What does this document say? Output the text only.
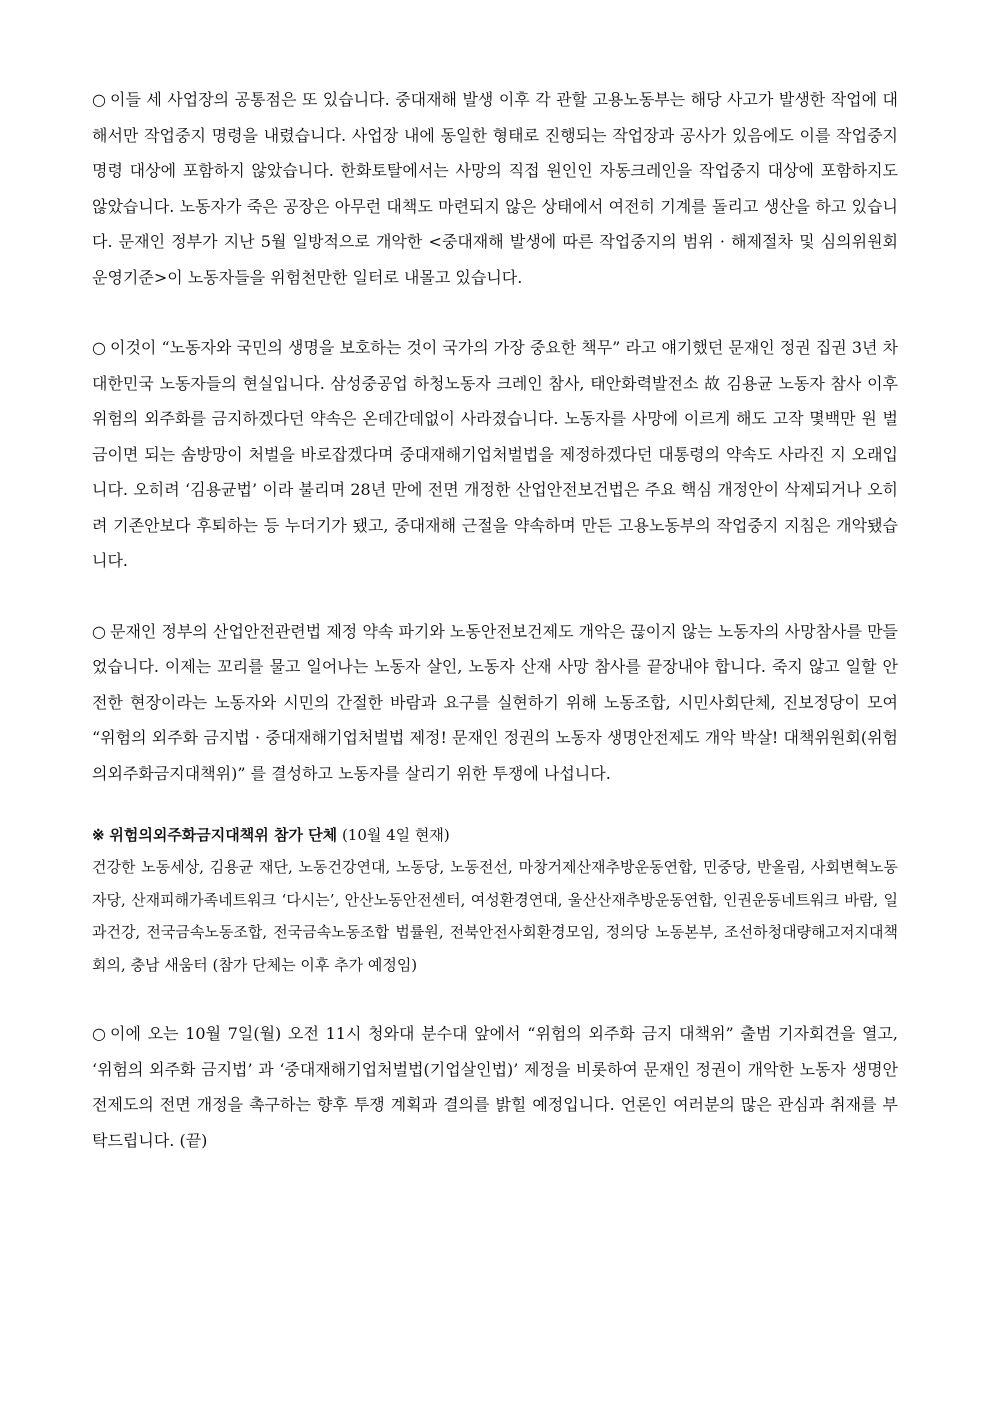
○ 이들 세 사업장의 공통점은 또 있습니다. 중대재해 발생 이후 각 관할 고용노동부는 해당 사고가 발생한 작업에 대해서만 작업중지 명령을 내렸습니다. 사업장 내에 동일한 형태로 진행되는 작업장과 공사가 있음에도 이를 작업중지 명령 대상에 포함하지 않았습니다. 한화토탈에서는 사망의 직접 원인인 자동크레인을 작업중지 대상에 포함하지도 않았습니다. 노동자가 죽은 공장은 아무런 대책도 마련되지 않은 상태에서 여전히 기계를 돌리고 생산을 하고 있습니다. 문재인 정부가 지난 5월 일방적으로 개악한 <중대재해 발생에 따른 작업중지의 범위 · 해제절차 및 심의위원회 운영기준>이 노동자들을 위험천만한 일터로 내몰고 있습니다.

○ 이것이 “노동자와 국민의 생명을 보호하는 것이 국가의 가장 중요한 책무” 라고 얘기했던 문재인 정권 집권 3년 차 대한민국 노동자들의 현실입니다. 삼성중공업 하청노동자 크레인 참사, 태안화력발전소 故 김용균 노동자 참사 이후 위험의 외주화를 금지하겠다던 약속은 온데간데없이 사라졌습니다. 노동자를 사망에 이르게 해도 고작 몇백만 원 벌금이면 되는 솜방망이 처벌을 바로잡겠다며 중대재해기업처벌법을 제정하겠다던 대통령의 약속도 사라진 지 오래입니다. 오히려 ‘김용균법’ 이라 불리며 28년 만에 전면 개정한 산업안전보건법은 주요 핵심 개정안이 삭제되거나 오히려 기존안보다 후퇴하는 등 누더기가 됐고, 중대재해 근절을 약속하며 만든 고용노동부의 작업중지 지침은 개악됐습니다.

○ 문재인 정부의 산업안전관련법 제정 약속 파기와 노동안전보건제도 개악은 끊이지 않는 노동자의 사망참사를 만들었습니다. 이제는 꼬리를 물고 일어나는 노동자 살인, 노동자 산재 사망 참사를 끝장내야 합니다. 죽지 않고 일할 안전한 현장이라는 노동자와 시민의 간절한 바람과 요구를 실현하기 위해 노동조합, 시민사회단체, 진보정당이 모여 “위험의 외주화 금지법 · 중대재해기업처벌법 제정! 문재인 정권의 노동자 생명안전제도 개악 박살! 대책위원회(위험의외주화금지대책위)” 를 결성하고 노동자를 살리기 위한 투쟁에 나섭니다.

※ 위험의외주화금지대책위 참가 단체 (10월 4일 현재)

건강한 노동세상, 김용균 재단, 노동건강연대, 노동당, 노동전선, 마창거제산재추방운동연합, 민중당, 반올림, 사회변혁노동자당, 산재피해가족네트워크 ‘다시는’, 안산노동안전센터, 여성환경연대, 울산산재추방운동연합, 인권운동네트워크 바람, 일과건강, 전국금속노동조합, 전국금속노동조합 법률원, 전북안전사회환경모임, 정의당 노동본부, 조선하청대량해고저지대책회의, 충남 새움터 (참가 단체는 이후 추가 예정임)

○ 이에 오는 10월 7일(월) 오전 11시 청와대 분수대 앞에서 “위험의 외주화 금지 대책위” 출범 기자회견을 열고, ‘위험의 외주화 금지법’ 과 ‘중대재해기업처벌법(기업살인법)’ 제정을 비롯하여 문재인 정권이 개악한 노동자 생명안전제도의 전면 개정을 촉구하는 향후 투쟁 계획과 결의를 밝힐 예정입니다. 언론인 여러분의 많은 관심과 취재를 부탁드립니다. (끝)
